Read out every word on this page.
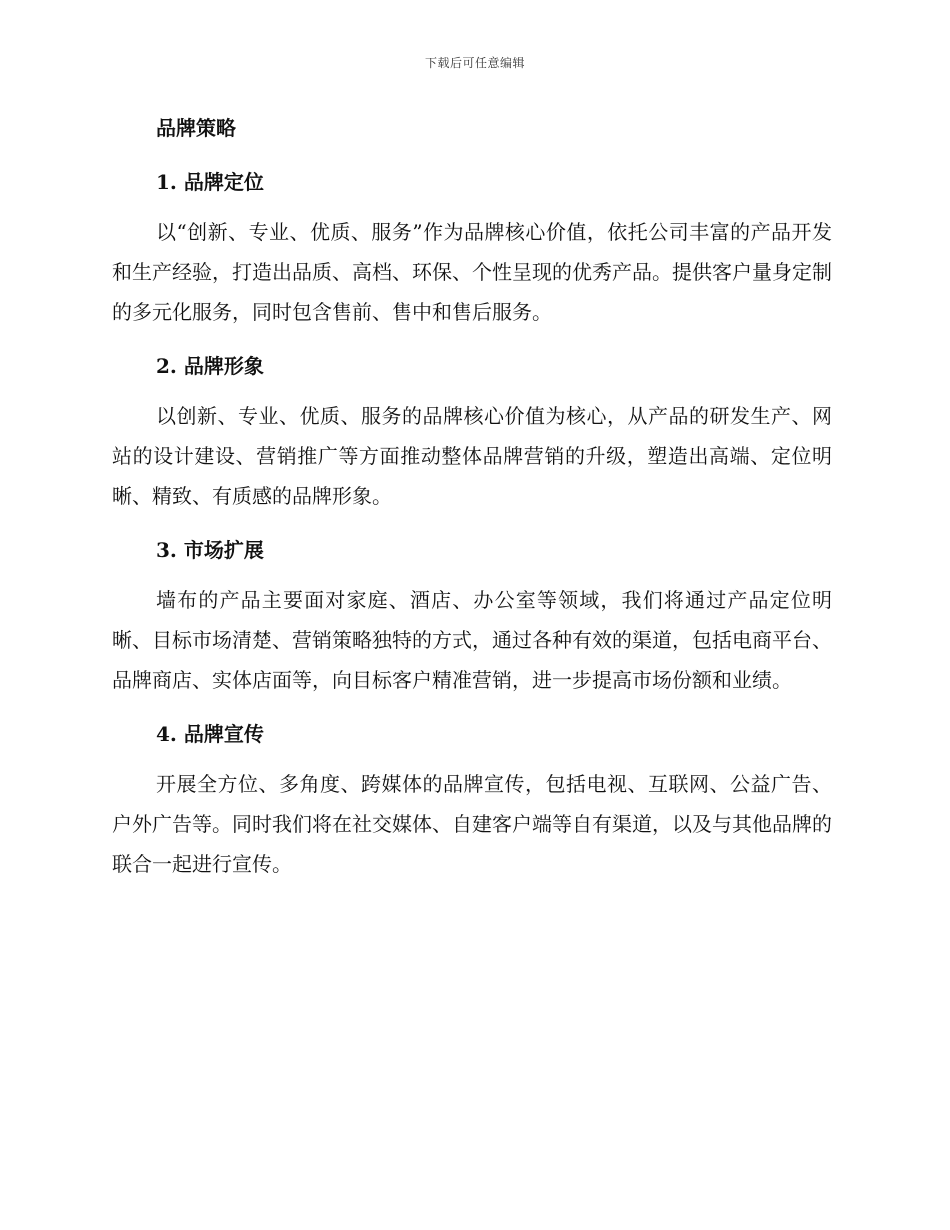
下载后可任意编辑
品牌策略
1. 品牌定位

以“创新、专业、优质、服务”作为品牌核心价值，依托公司丰富的产品开发和生产经验，打造出品质、高档、环保、个性呈现的优秀产品。提供客户量身定制的多元化服务，同时包含售前、售中和售后服务。

2. 品牌形象

以创新、专业、优质、服务的品牌核心价值为核心，从产品的研发生产、网站的设计建设、营销推广等方面推动整体品牌营销的升级，塑造出高端、定位明晰、精致、有质感的品牌形象。

3. 市场扩展

墙布的产品主要面对家庭、酒店、办公室等领域，我们将通过产品定位明晰、目标市场清楚、营销策略独特的方式，通过各种有效的渠道，包括电商平台、品牌商店、实体店面等，向目标客户精准营销，进一步提高市场份额和业绩。

4. 品牌宣传

开展全方位、多角度、跨媒体的品牌宣传，包括电视、互联网、公益广告、户外广告等。同时我们将在社交媒体、自建客户端等自有渠道，以及与其他品牌的联合一起进行宣传。
